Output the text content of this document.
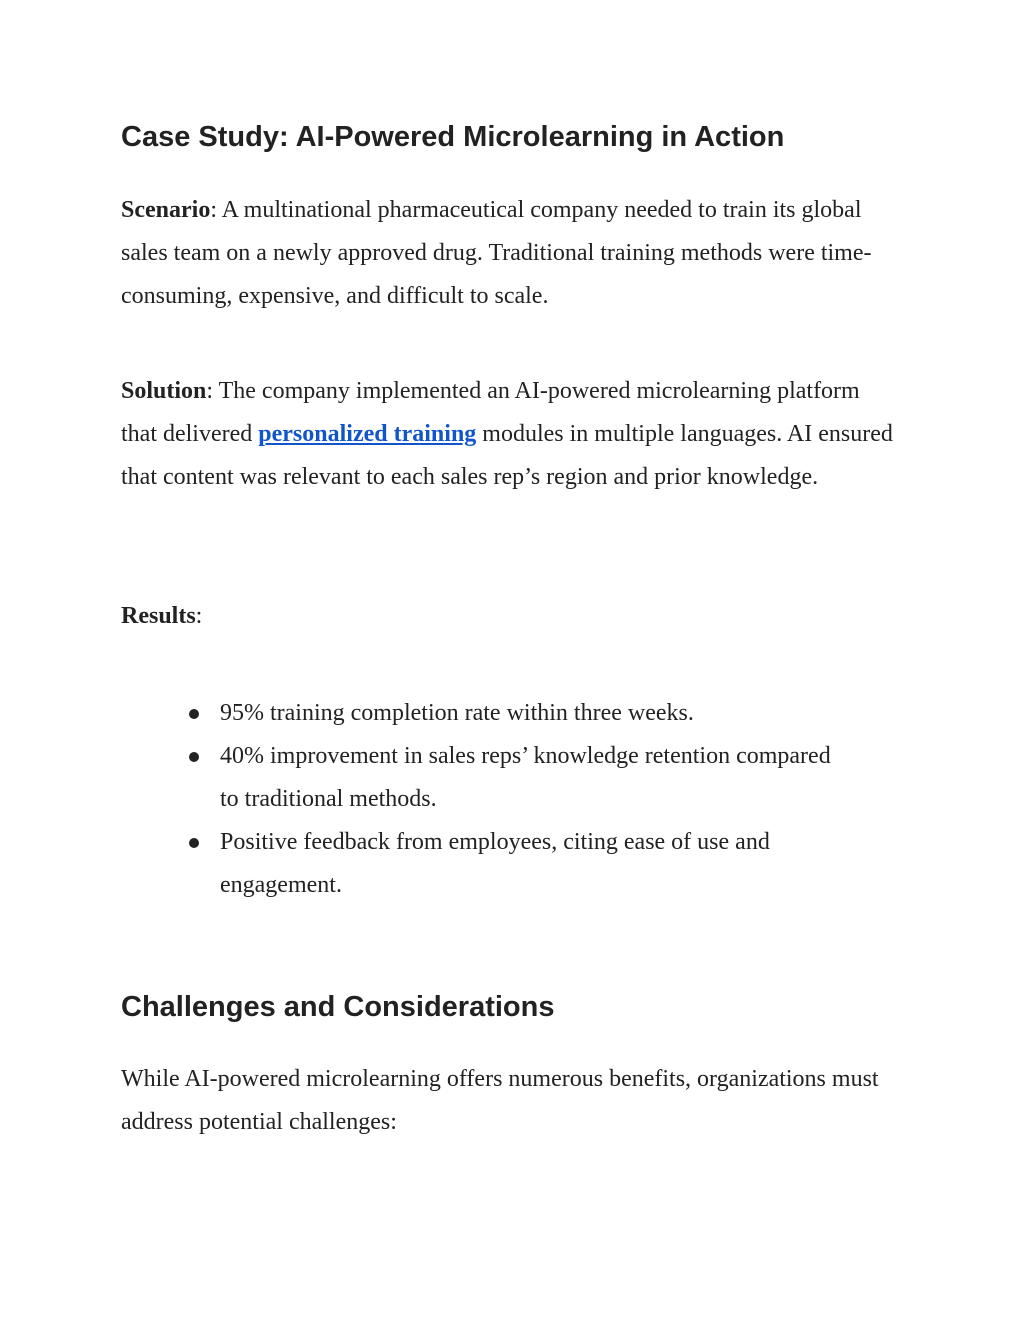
Case Study: AI-Powered Microlearning in Action

Scenario: A multinational pharmaceutical company needed to train its global sales team on a newly approved drug. Traditional training methods were time-consuming, expensive, and difficult to scale.

Solution: The company implemented an AI-powered microlearning platform that delivered personalized training modules in multiple languages. AI ensured that content was relevant to each sales rep’s region and prior knowledge.

Results:

95% training completion rate within three weeks.
40% improvement in sales reps’ knowledge retention compared to traditional methods.
Positive feedback from employees, citing ease of use and engagement.
Challenges and Considerations

While AI-powered microlearning offers numerous benefits, organizations must address potential challenges:
